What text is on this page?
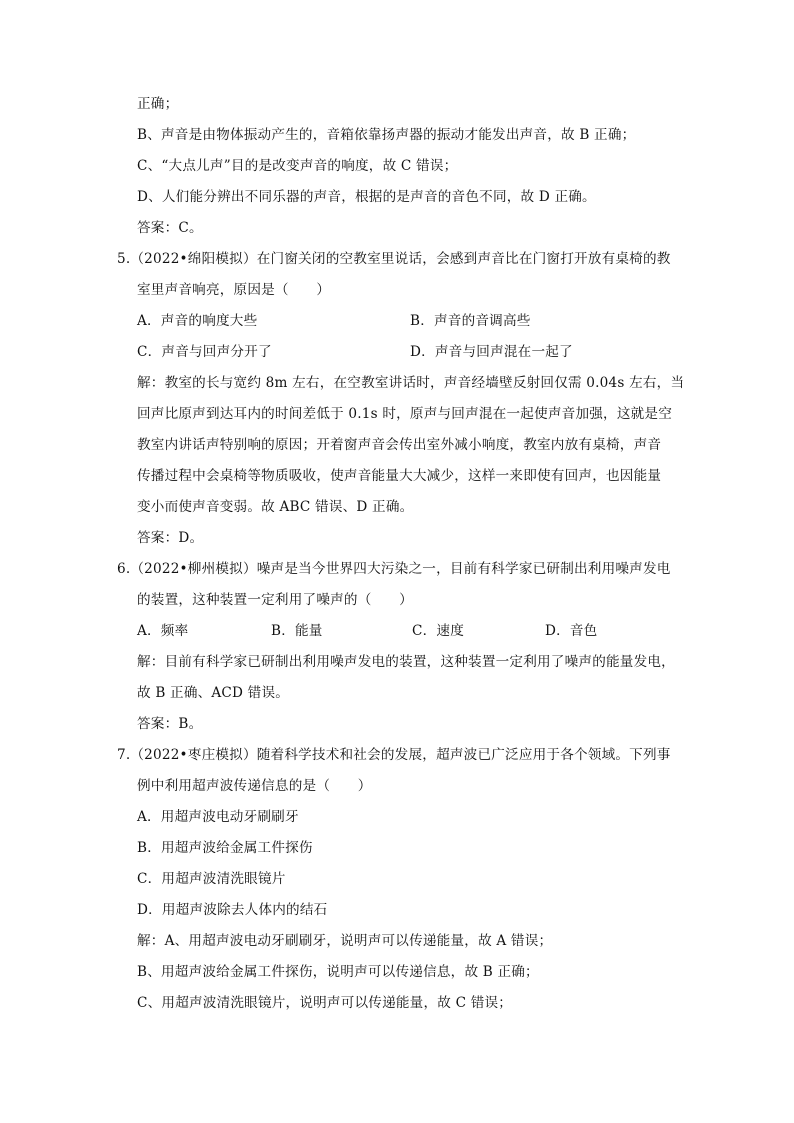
正确；
B、声音是由物体振动产生的，音箱依靠扬声器的振动才能发出声音，故 B 正确；
C、“大点儿声”目的是改变声音的响度，故 C 错误；
D、人们能分辨出不同乐器的声音，根据的是声音的音色不同，故 D 正确。
答案：C。
5.（2022•绵阳模拟）在门窗关闭的空教室里说话，会感到声音比在门窗打开放有桌椅的教
室里声音响亮，原因是（　　）
A．声音的响度大些	B．声音的音调高些
C．声音与回声分开了	D．声音与回声混在一起了
解：教室的长与宽约 8m 左右，在空教室讲话时，声音经墙壁反射回仅需 0.04s 左右，当
回声比原声到达耳内的时间差低于 0.1s 时，原声与回声混在一起使声音加强，这就是空
教室内讲话声特别响的原因；开着窗声音会传出室外减小响度，教室内放有桌椅，声音
传播过程中会桌椅等物质吸收，使声音能量大大减少，这样一来即使有回声，也因能量
变小而使声音变弱。故 ABC 错误、D 正确。
答案：D。
6.（2022•柳州模拟）噪声是当今世界四大污染之一，目前有科学家已研制出利用噪声发电
的装置，这种装置一定利用了噪声的（　　）
A．频率	B．能量	C．速度	D．音色
解：目前有科学家已研制出利用噪声发电的装置，这种装置一定利用了噪声的能量发电，
故 B 正确、ACD 错误。
答案：B。
7.（2022•枣庄模拟）随着科学技术和社会的发展，超声波已广泛应用于各个领域。下列事
例中利用超声波传递信息的是（　　）
A．用超声波电动牙刷刷牙
B．用超声波给金属工件探伤
C．用超声波清洗眼镜片
D．用超声波除去人体内的结石
解：A、用超声波电动牙刷刷牙，说明声可以传递能量，故 A 错误；
B、用超声波给金属工件探伤，说明声可以传递信息，故 B 正确；
C、用超声波清洗眼镜片，说明声可以传递能量，故 C 错误；
